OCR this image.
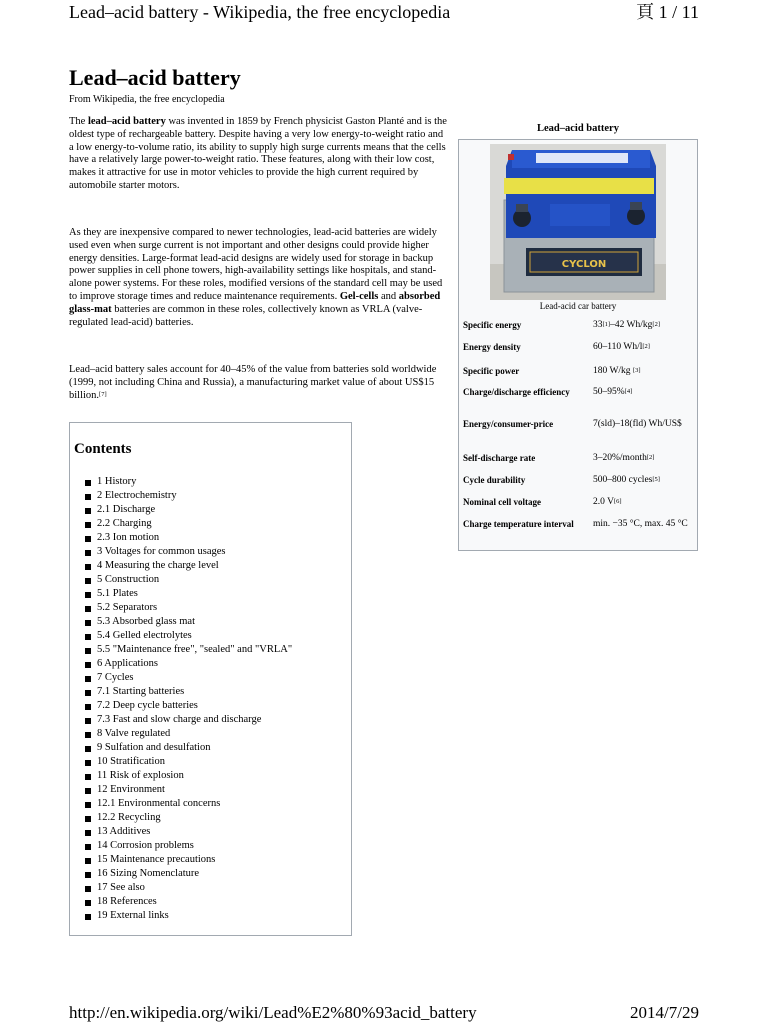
Lead–acid battery - Wikipedia, the free encyclopedia	頁 1 / 11
Lead–acid battery
From Wikipedia, the free encyclopedia

The lead–acid battery was invented in 1859 by French physicist Gaston Planté and is the oldest type of rechargeable battery. Despite having a very low energy-to-weight ratio and a low energy-to-volume ratio, its ability to supply high surge currents means that the cells have a relatively large power-to-weight ratio. These features, along with their low cost, makes it attractive for use in motor vehicles to provide the high current required by automobile starter motors.

As they are inexpensive compared to newer technologies, lead-acid batteries are widely used even when surge current is not important and other designs could provide higher energy densities. Large-format lead-acid designs are widely used for storage in backup power supplies in cell phone towers, high-availability settings like hospitals, and stand-alone power systems. For these roles, modified versions of the standard cell may be used to improve storage times and reduce maintenance requirements. Gel-cells and absorbed glass-mat batteries are common in these roles, collectively known as VRLA (valve-regulated lead-acid) batteries.

Lead–acid battery sales account for 40–45% of the value from batteries sold worldwide (1999, not including China and Russia), a manufacturing market value of about US$15 billion.[7]

Contents
1 History
2 Electrochemistry
2.1 Discharge
2.2 Charging
2.3 Ion motion
3 Voltages for common usages
4 Measuring the charge level
5 Construction
5.1 Plates
5.2 Separators
5.3 Absorbed glass mat
5.4 Gelled electrolytes
5.5 "Maintenance free", "sealed" and "VRLA"
6 Applications
7 Cycles
7.1 Starting batteries
7.2 Deep cycle batteries
7.3 Fast and slow charge and discharge
8 Valve regulated
9 Sulfation and desulfation
10 Stratification
11 Risk of explosion
12 Environment
12.1 Environmental concerns
12.2 Recycling
13 Additives
14 Corrosion problems
15 Maintenance precautions
16 Sizing Nomenclature
17 See also
18 References
19 External links
Lead–acid battery
CYCLON
Lead-acid car battery
Specific energy	33[1]–42 Wh/kg[2]
Energy density	60–110 Wh/l[2]
Specific power	180 W/kg [3]
Charge/discharge efficiency	50–95%[4]
Energy/consumer-price	7(sld)–18(fld) Wh/US$
Self-discharge rate	3–20%/month[2]
Cycle durability	500–800 cycles[5]
Nominal cell voltage	2.0 V[6]
Charge temperature interval	min. −35 °C, max. 45 °C
http://en.wikipedia.org/wiki/Lead%E2%80%93acid_battery	2014/7/29
